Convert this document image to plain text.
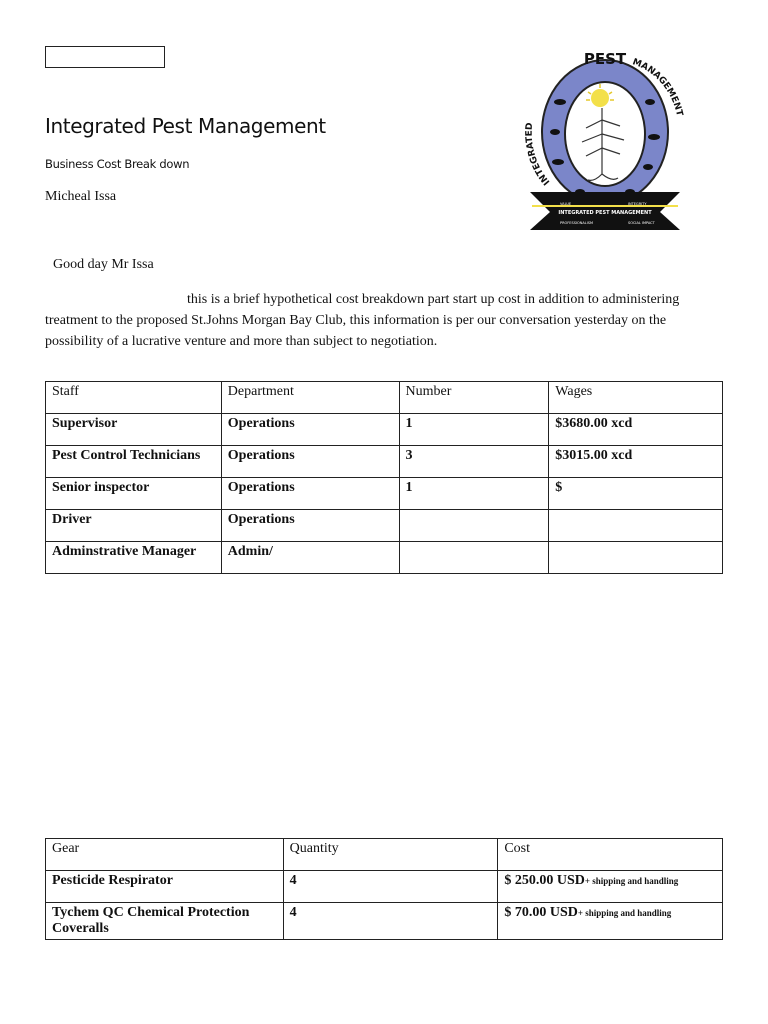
Integrated Pest Management
Business Cost Break down
Micheal Issa
INTEGRATED
MANAGEMENT
PEST
INTEGRATED PEST MANAGEMENT
VALUE	INTEGRITY
PROFESSIONALISM	SOCIAL IMPACT
Good day Mr Issa
this is a brief hypothetical cost breakdown part start up cost in addition to administering
treatment to the proposed St.Johns Morgan Bay Club, this information is per our conversation yesterday on the
possibility of a lucrative venture and more than subject to negotiation.
Staff	Department	Number	Wages
Supervisor	Operations	1	$3680.00 xcd
Pest Control Technicians	Operations	3	$3015.00 xcd
Senior inspector	Operations	1	$
Driver	Operations		
Adminstrative Manager	Admin/		
Gear	Quantity	Cost
Pesticide Respirator	4	$ 250.00 USD+ shipping and handling
Tychem QC Chemical Protection Coveralls	4	$ 70.00 USD+ shipping and handling
